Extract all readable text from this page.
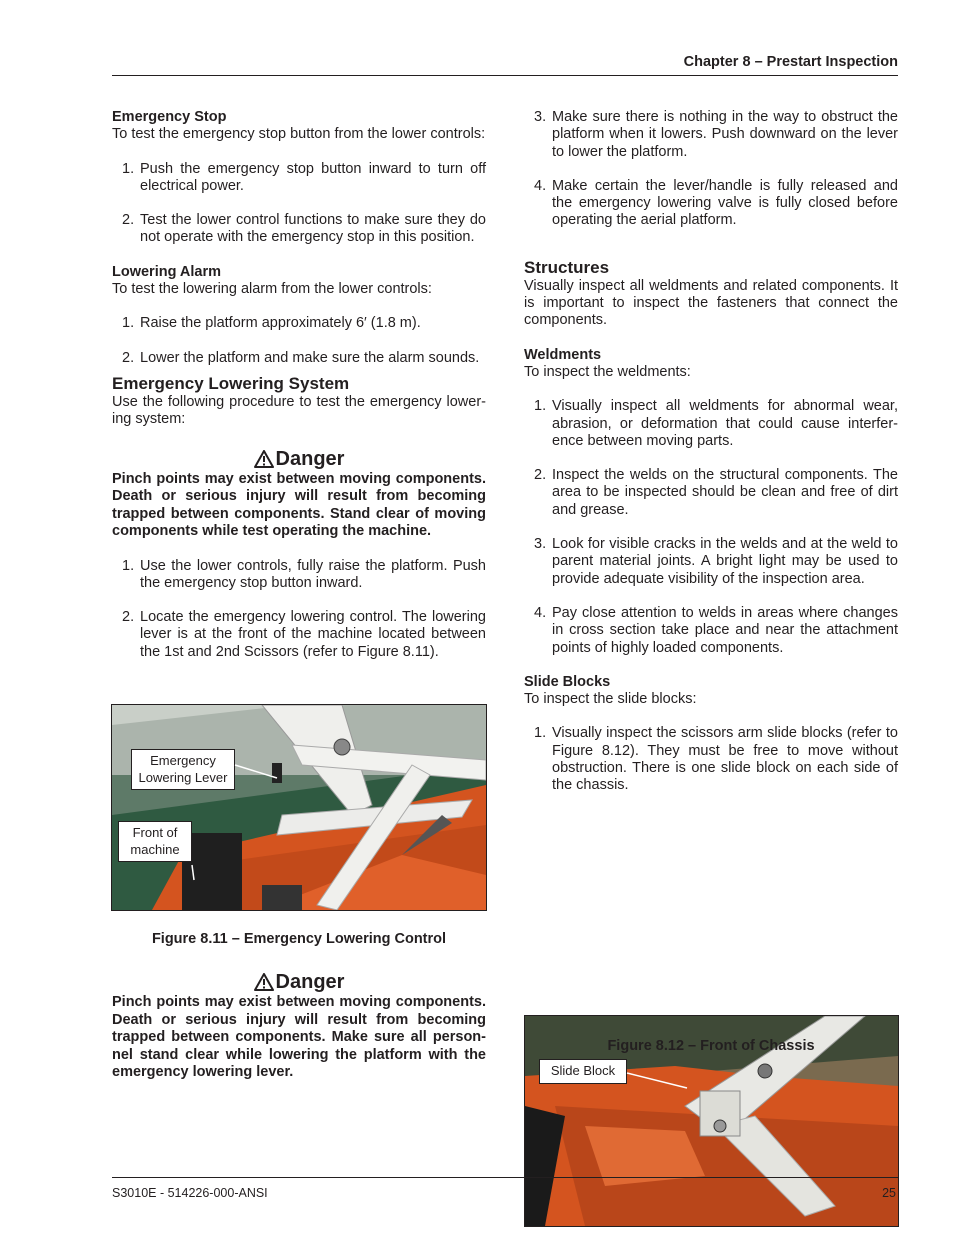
Chapter 8 – Prestart Inspection
Emergency Stop

To test the emergency stop button from the lower controls:

1. Push the emergency stop button inward to turn off electrical power.
2. Test the lower control functions to make sure they do not operate with the emergency stop in this position.
Lowering Alarm

To test the lowering alarm from the lower controls:

1. Raise the platform approximately 6′ (1.8 m).
2. Lower the platform and make sure the alarm sounds.
Emergency Lowering System

Use the following procedure to test the emergency lower-ing system:

Danger

Pinch points may exist between moving components. Death or serious injury will result from becoming trapped between components. Stand clear of moving components while test operating the machine.

1. Use the lower controls, fully raise the platform. Push the emergency stop button inward.
2. Locate the emergency lowering control. The lowering lever is at the front of the machine located between the 1st and 2nd Scissors (refer to Figure 8.11).
Emergency Lowering Lever
Front of machine
Figure 8.11 – Emergency Lowering Control
Danger

Pinch points may exist between moving components. Death or serious injury will result from becoming trapped between components. Make sure all person-nel stand clear while lowering the platform with the emergency lowering lever.

3. Make sure there is nothing in the way to obstruct the platform when it lowers. Push downward on the lever to lower the platform.
4. Make certain the lever/handle is fully released and the emergency lowering valve is fully closed before operating the aerial platform.
Structures

Visually inspect all weldments and related components. It is important to inspect the fasteners that connect the components.

Weldments

To inspect the weldments:

1. Visually inspect all weldments for abnormal wear, abrasion, or deformation that could cause interfer-ence between moving parts.
2. Inspect the welds on the structural components. The area to be inspected should be clean and free of dirt and grease.
3. Look for visible cracks in the welds and at the weld to parent material joints. A bright light may be used to provide adequate visibility of the inspection area.
4. Pay close attention to welds in areas where changes in cross section take place and near the attachment points of highly loaded components.
Slide Blocks

To inspect the slide blocks:

1. Visually inspect the scissors arm slide blocks (refer to Figure 8.12). They must be free to move without obstruction. There is one slide block on each side of the chassis.
Slide Block
Figure 8.12 – Front of Chassis
S3010E - 514226-000-ANSI	25
